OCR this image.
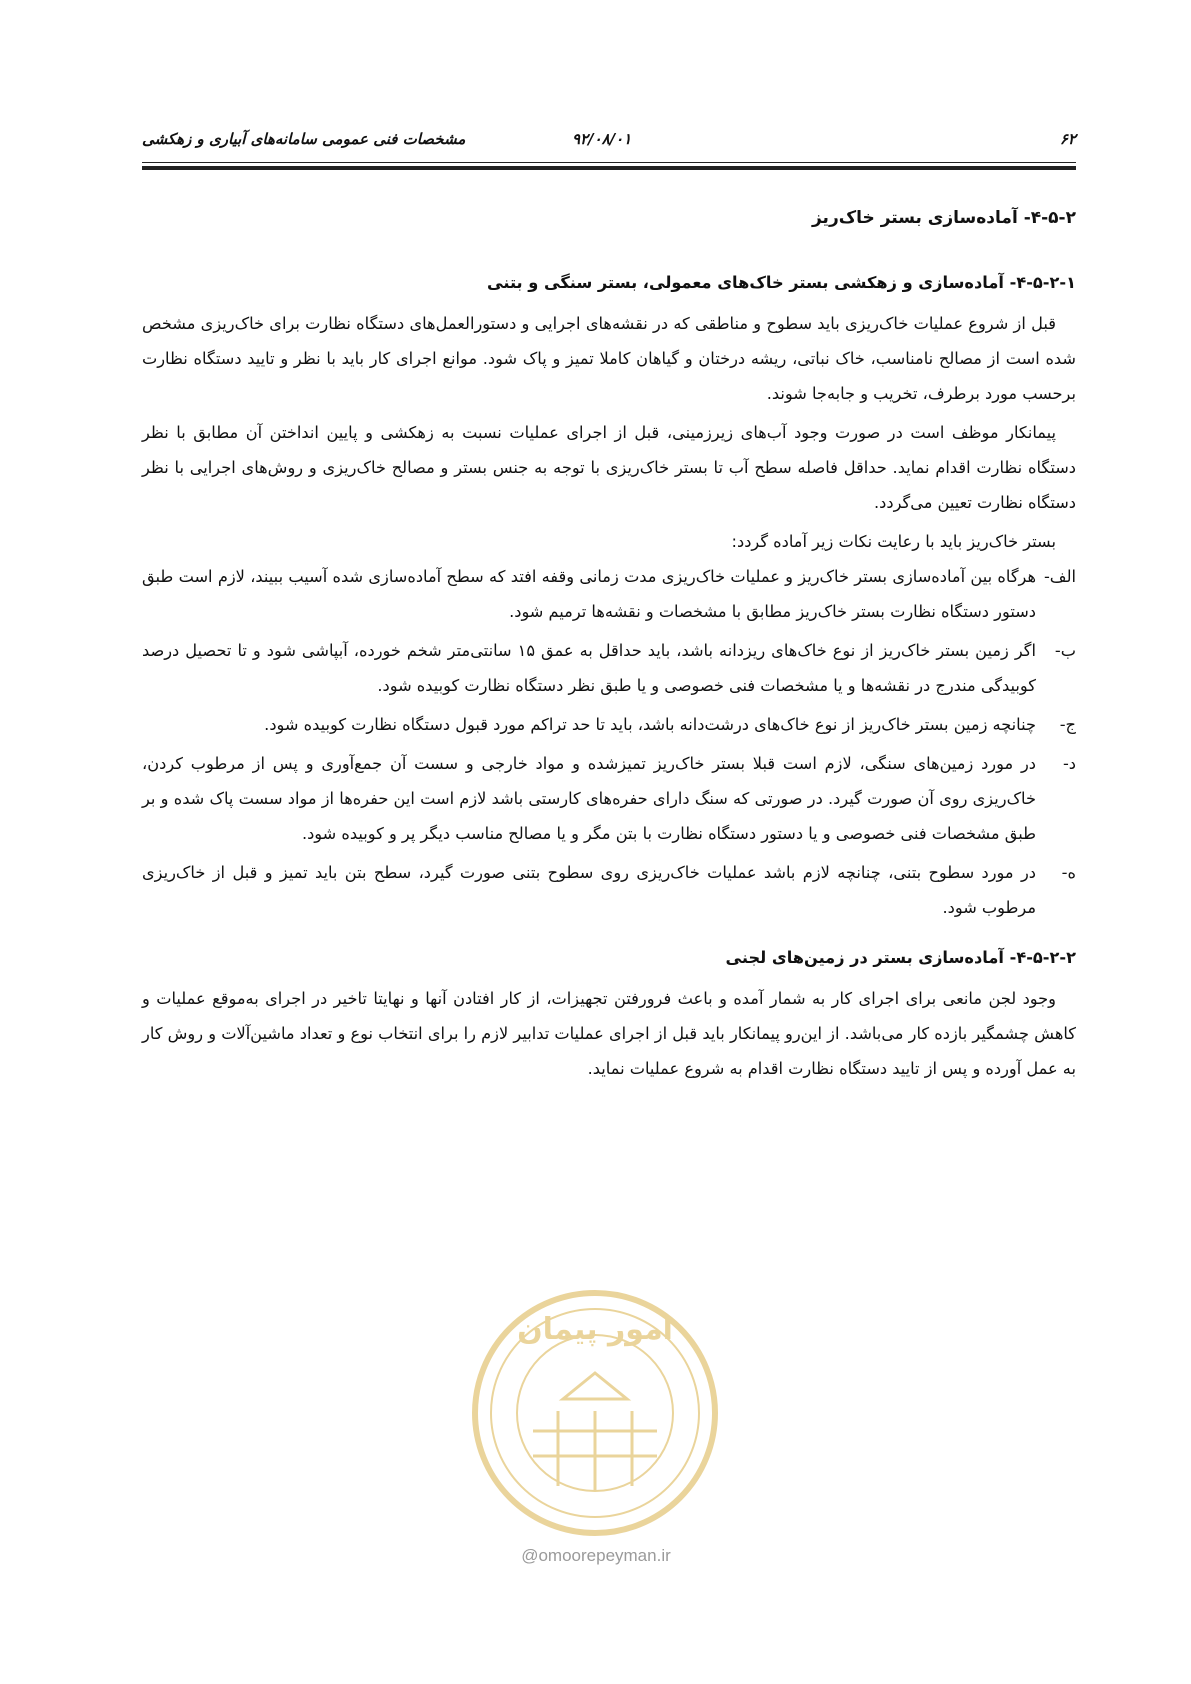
مشخصات فنی عمومی سامانه‌های آبیاری و زهکشی	۹۲/۰۸/۰۱	۶۲
۴-۵-۲- آماده‌سازی بستر خاک‌ریز
۴-۵-۲-۱- آماده‌سازی و زهکشی بستر خاک‌های معمولی، بستر سنگی و بتنی

قبل از شروع عملیات خاک‌ریزی باید سطوح و مناطقی که در نقشه‌های اجرایی و دستورالعمل‌های دستگاه نظارت برای خاک‌ریزی مشخص شده است از مصالح نامناسب، خاک نباتی، ریشه درختان و گیاهان کاملا تمیز و پاک شود. موانع اجرای کار باید با نظر و تایید دستگاه نظارت برحسب مورد برطرف، تخریب و جابه‌جا شوند.

پیمانکار موظف است در صورت وجود آب‌های زیرزمینی، قبل از اجرای عملیات نسبت به زهکشی و پایین انداختن آن مطابق با نظر دستگاه نظارت اقدام نماید. حداقل فاصله سطح آب تا بستر خاک‌ریزی با توجه به جنس بستر و مصالح خاک‌ریزی و روش‌های اجرایی با نظر دستگاه نظارت تعیین می‌گردد.

بستر خاک‌ریز باید با رعایت نکات زیر آماده گردد:

الف-
هرگاه بین آماده‌سازی بستر خاک‌ریز و عملیات خاک‌ریزی مدت زمانی وقفه افتد که سطح آماده‌سازی شده آسیب ببیند، لازم است طبق دستور دستگاه نظارت بستر خاک‌ریز مطابق با مشخصات و نقشه‌ها ترمیم شود.
ب-
اگر زمین بستر خاک‌ریز از نوع خاک‌های ریزدانه باشد، باید حداقل به عمق ۱۵ سانتی‌متر شخم خورده، آبپاشی شود و تا تحصیل درصد کوبیدگی مندرج در نقشه‌ها و یا مشخصات فنی خصوصی و یا طبق نظر دستگاه نظارت کوبیده شود.
ج-
چنانچه زمین بستر خاک‌ریز از نوع خاک‌های درشت‌دانه باشد، باید تا حد تراکم مورد قبول دستگاه نظارت کوبیده شود.
د-
در مورد زمین‌های سنگی، لازم است قبلا بستر خاک‌ریز تمیزشده و مواد خارجی و سست آن جمع‌آوری و پس از مرطوب کردن، خاک‌ریزی روی آن صورت گیرد. در صورتی که سنگ دارای حفره‌های کارستی باشد لازم است این حفره‌ها از مواد سست پاک شده و بر طبق مشخصات فنی خصوصی و یا دستور دستگاه نظارت با بتن مگر و یا مصالح مناسب دیگر پر و کوبیده شود.
ه-
در مورد سطوح بتنی، چنانچه لازم باشد عملیات خاک‌ریزی روی سطوح بتنی صورت گیرد، سطح بتن باید تمیز و قبل از خاک‌ریزی مرطوب شود.
۴-۵-۲-۲- آماده‌سازی بستر در زمین‌های لجنی

وجود لجن مانعی برای اجرای کار به شمار آمده و باعث فرورفتن تجهیزات، از کار افتادن آنها و نهایتا تاخیر در اجرای به‌موقع عملیات و کاهش چشمگیر بازده کار می‌باشد. از این‌رو پیمانکار باید قبل از اجرای عملیات تدابیر لازم را برای انتخاب نوع و تعداد ماشین‌آلات و روش کار به عمل آورده و پس از تایید دستگاه نظارت اقدام به شروع عملیات نماید.

امور پیمان
@omoorepeyman.ir
